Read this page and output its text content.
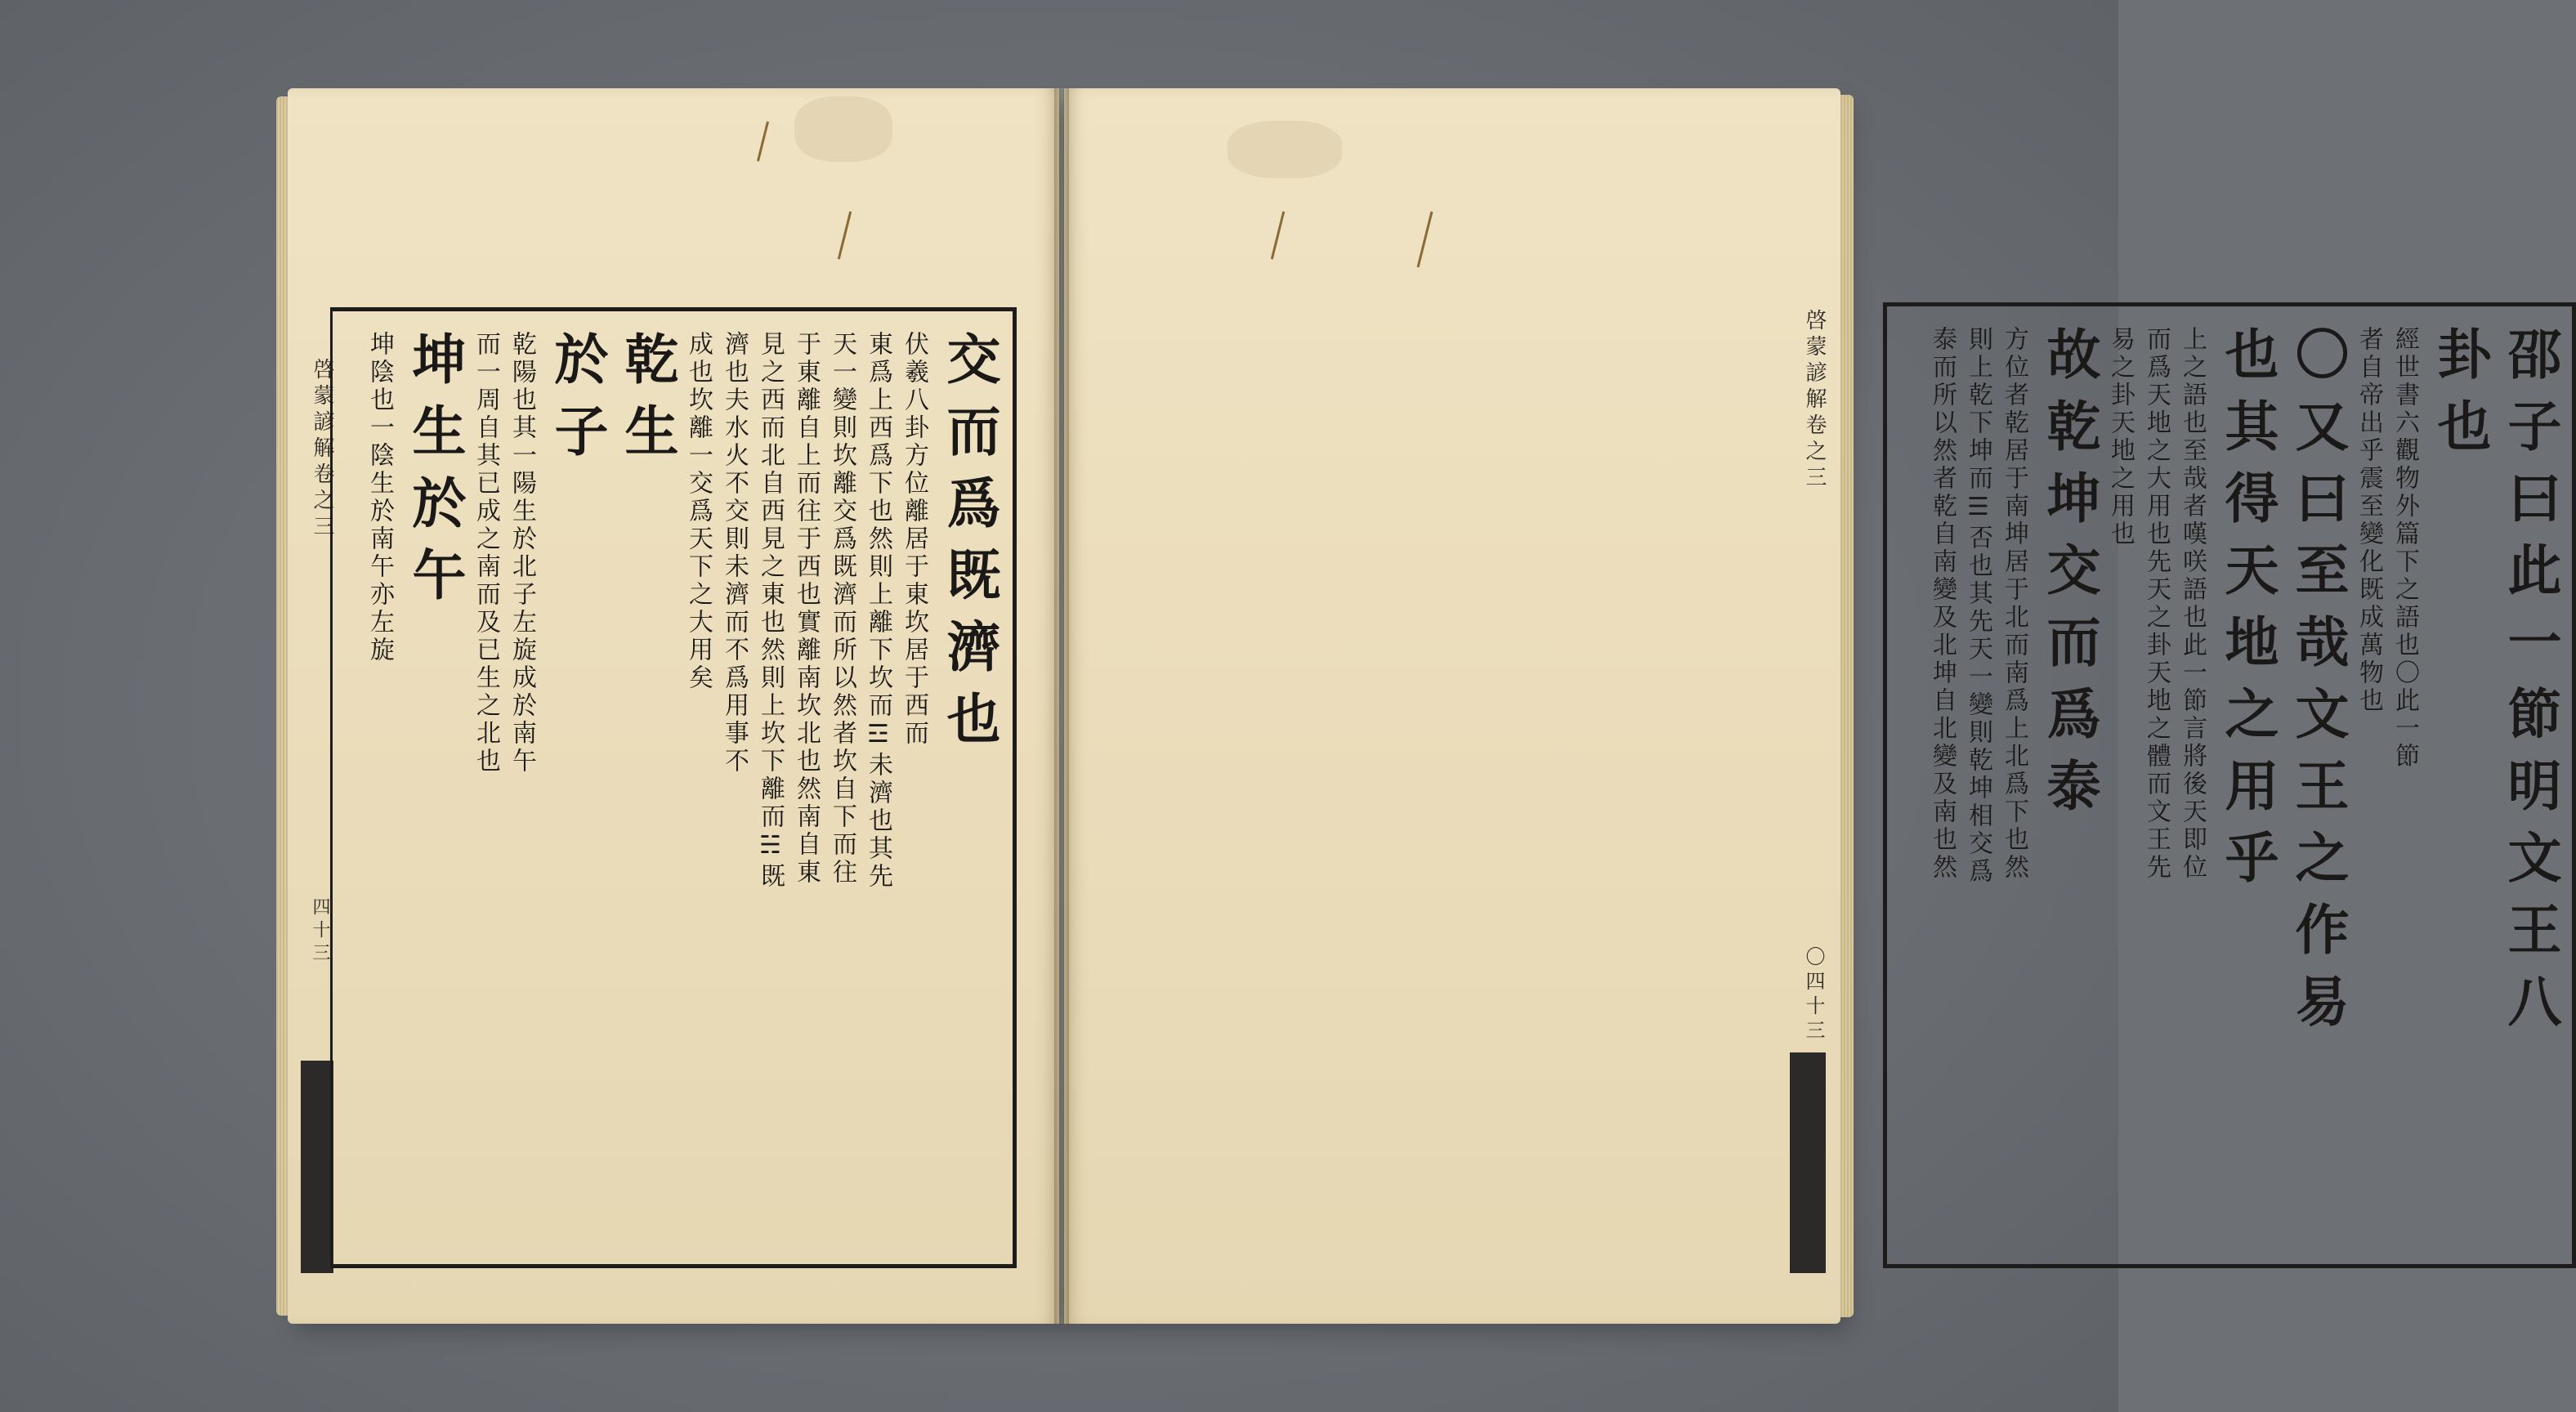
啓蒙諺解卷之三
四十三
交而爲既濟也
伏羲八卦方位離居于東坎居于西而
東爲上西爲下也然則上離下坎而☲未濟也其先
天一變則坎離交爲既濟而所以然者坎自下而往
于東離自上而往于西也實離南坎北也然南自東
見之西而北自西見之東也然則上坎下離而☵既
濟也夫水火不交則未濟而不爲用事不
成也坎離一交爲天下之大用矣
乾生
於子
乾陽也其一陽生於北子左旋成於南午
而一周自其已成之南而及已生之北也
坤生於午
坤陰也一陰生於南午亦左旋	啓蒙諺解卷之三
〇四十三	邵子曰此一節明文王八
卦也
經世書六觀物外篇下之語也〇此一節
者自帝出乎震至變化既成萬物也
〇又曰至哉文王之作易
也其得天地之用乎
上之語也至哉者嘆咲語也此一節言將後天即位
而爲天地之大用也先天之卦天地之體而文王先
易之卦天地之用也
故乾坤交而爲泰
方位者乾居于南坤居于北而南爲上北爲下也然
則上乾下坤而☰否也其先天一變則乾坤相交爲
泰而所以然者乾自南變及北坤自北變及南也然
